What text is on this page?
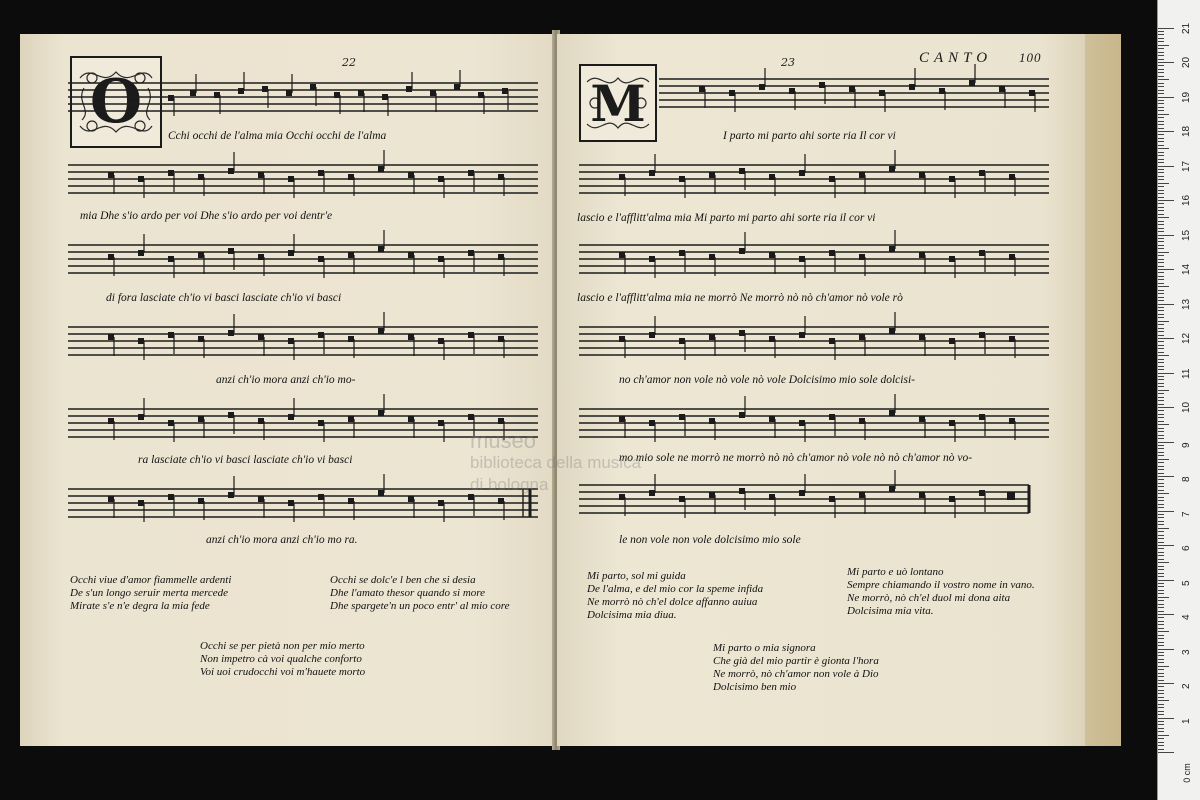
22
O	Cchi occhi de l'alma mia Occhi occhi de l'alma
mia Dhe s'io ardo per voi Dhe s'io ardo per voi dentr'e
di fora lasciate ch'io vi basci lasciate ch'io vi basci
anzi ch'io mora anzi ch'io mo-
ra lasciate ch'io vi basci lasciate ch'io vi basci
anzi ch'io mora anzi ch'io mo ra.
Occhi viue d'amor fiammelle ardenti
De s'un longo seruir merta mercede
Mirate s'e n'e degra la mia fede
Occhi se dolc'e l ben che si desia
Dhe l'amato thesor quando si more
Dhe spargete'n un poco entr' al mio core
Occhi se per pietà non per mio merto
Non impetro cà voi qualche conforto
Voi uoi crudocchi voi m'hauete morto
23	CANTO 100
M
I parto mi parto ahi sorte ria Il cor vi
lascio e l'afflitt'alma mia Mi parto mi parto ahi sorte ria il cor vi
lascio e l'afflitt'alma mia ne morrò Ne morrò nò nò ch'amor nò vole rò
no ch'amor non vole nò vole nò vole Dolcisimo mio sole dolcisi-
mo mio sole ne morrò ne morrò nò nò ch'amor nò vole nò nò ch'amor nò vo-
le non vole non vole dolcisimo mio sole
Mi parto, sol mi guida
De l'alma, e del mio cor la speme infida
Ne morrò nò ch'el dolce affanno auiua
Dolcisima mia diua.
Mi parto e uò lontano
Sempre chiamando il vostro nome in vano.
Ne morrò, nò ch'el duol mi dona aita
Dolcisima mia vita.
Mi parto o mia signora
Che già del mio partir è gionta l'hora
Ne morrò, nò ch'amor non vole à Dio
Dolcisimo ben mio
museo
biblioteca della musica
di bologna
1
2
3
4
5
6
7
8
9
10
11
12
13
14
15
16
17
18
19
20
21
0 cm
